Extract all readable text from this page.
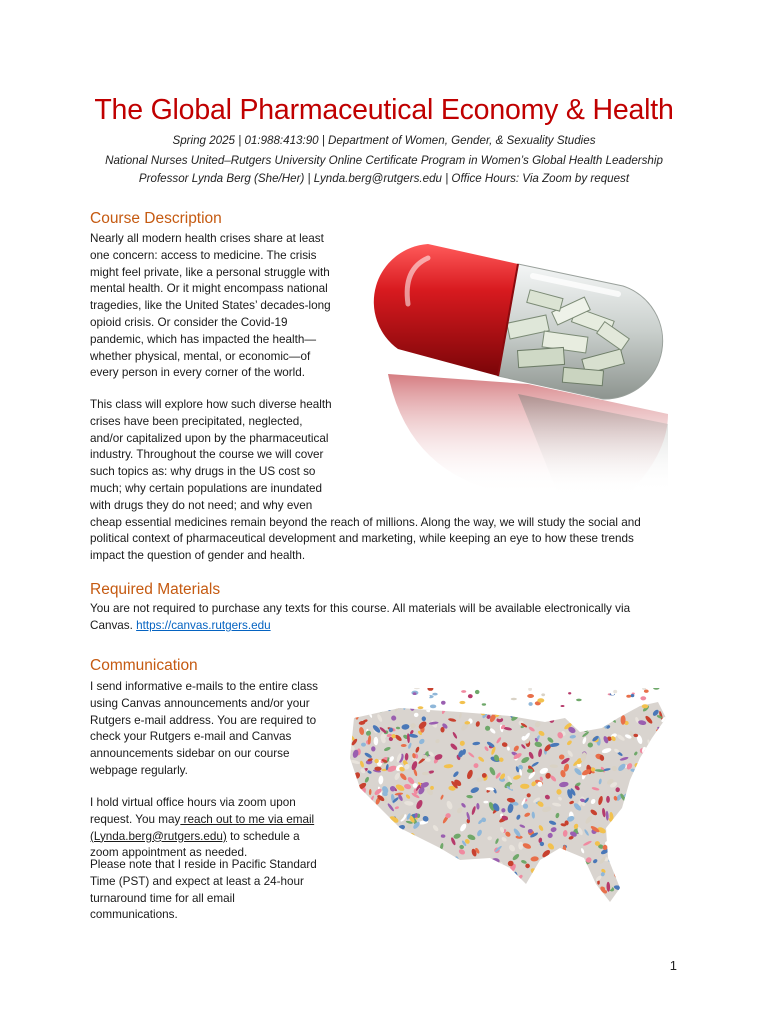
The Global Pharmaceutical Economy & Health
Spring 2025 | 01:988:413:90 | Department of Women, Gender, & Sexuality Studies
National Nurses United–Rutgers University Online Certificate Program in Women’s Global Health Leadership
Professor Lynda Berg (She/Her) | Lynda.berg@rutgers.edu | Office Hours: Via Zoom by request
Course Description
Nearly all modern health crises share at least
one concern: access to medicine. The crisis
might feel private, like a personal struggle with
mental health. Or it might encompass national
tragedies, like the United States’ decades-long
opioid crisis. Or consider the Covid-19
pandemic, which has impacted the health—
whether physical, mental, or economic—of
every person in every corner of the world.
This class will explore how such diverse health
crises have been precipitated, neglected,
and/or capitalized upon by the pharmaceutical
industry. Throughout the course we will cover
such topics as: why drugs in the US cost so
much; why certain populations are inundated
with drugs they do not need; and why even
cheap essential medicines remain beyond the reach of millions. Along the way, we will study the social and
political context of pharmaceutical development and marketing, while keeping an eye to how these trends
impact the question of gender and health.
Required Materials
You are not required to purchase any texts for this course. All materials will be available electronically via
Canvas. https://canvas.rutgers.edu
Communication
I send informative e-mails to the entire class
using Canvas announcements and/or your
Rutgers e-mail address. You are required to
check your Rutgers e-mail and Canvas
announcements sidebar on our course
webpage regularly.
I hold virtual office hours via zoom upon
request. You may reach out to me via email
(Lynda.berg@rutgers.edu) to schedule a
zoom appointment as needed.
Please note that I reside in Pacific Standard
Time (PST) and expect at least a 24-hour
turnaround time for all email
communications.
1
